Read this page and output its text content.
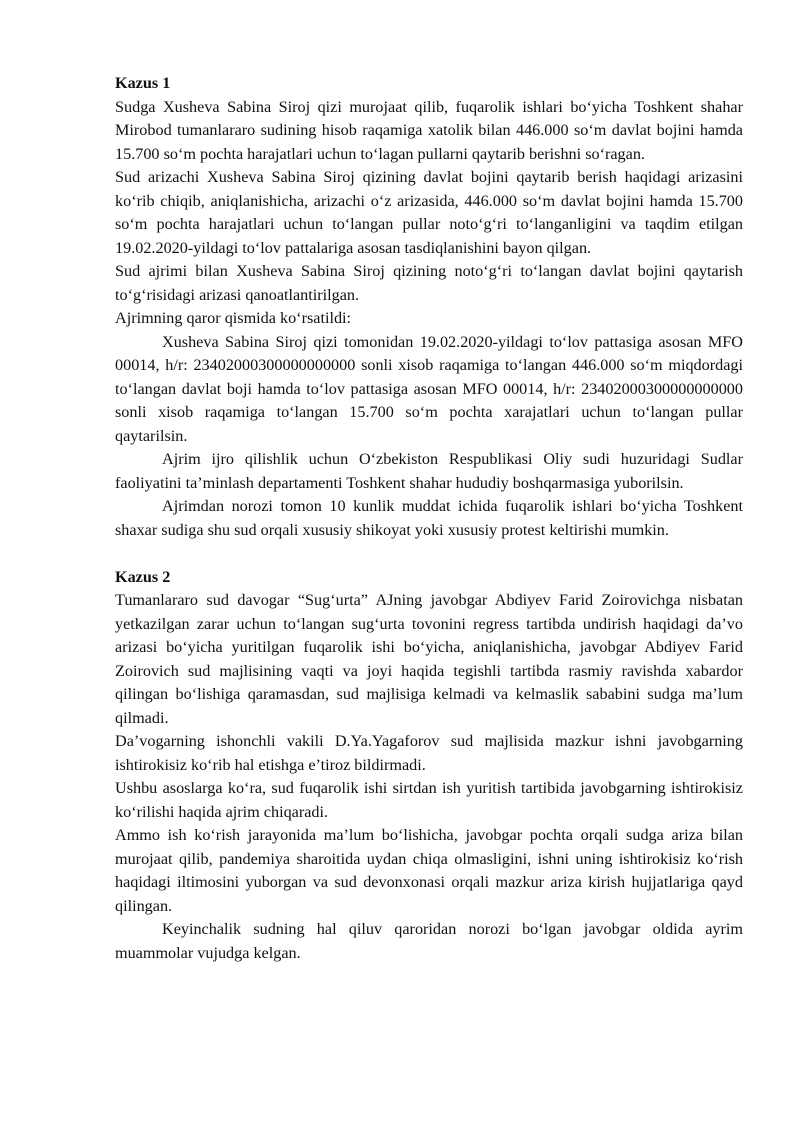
Kazus 1

Sudga Xusheva Sabina Siroj qizi murojaat qilib, fuqarolik ishlari bo‘yicha Toshkent shahar Mirobod tumanlararo sudining hisob raqamiga xatolik bilan 446.000 so‘m davlat bojini hamda 15.700 so‘m pochta harajatlari uchun to‘lagan pullarni qaytarib berishni so‘ragan.

Sud arizachi Xusheva Sabina Siroj qizining davlat bojini qaytarib berish haqidagi arizasini ko‘rib chiqib, aniqlanishicha, arizachi o‘z arizasida, 446.000 so‘m davlat bojini hamda 15.700 so‘m pochta harajatlari uchun to‘langan pullar noto‘g‘ri to‘langanligini va taqdim etilgan 19.02.2020-yildagi to‘lov pattalariga asosan tasdiqlanishini bayon qilgan.

Sud ajrimi bilan Xusheva Sabina Siroj qizining noto‘g‘ri to‘langan davlat bojini qaytarish to‘g‘risidagi arizasi qanoatlantirilgan.

Ajrimning qaror qismida ko‘rsatildi:

Xusheva Sabina Siroj qizi tomonidan 19.02.2020-yildagi to‘lov pattasiga asosan MFO 00014, h/r: 23402000300000000000 sonli xisob raqamiga to‘langan 446.000 so‘m miqdordagi to‘langan davlat boji hamda to‘lov pattasiga asosan MFO 00014, h/r: 23402000300000000000 sonli xisob raqamiga to‘langan 15.700 so‘m pochta xarajatlari uchun to‘langan pullar qaytarilsin.

Ajrim ijro qilishlik uchun O‘zbekiston Respublikasi Oliy sudi huzuridagi Sudlar faoliyatini ta’minlash departamenti Toshkent shahar hududiy boshqarmasiga yuborilsin.

Ajrimdan norozi tomon 10 kunlik muddat ichida fuqarolik ishlari bo‘yicha Toshkent shaxar sudiga shu sud orqali xususiy shikoyat yoki xususiy protest keltirishi mumkin.

Kazus 2

Tumanlararo sud davogar “Sug‘urta” AJning javobgar Abdiyev Farid Zoirovichga nisbatan yetkazilgan zarar uchun to‘langan sug‘urta tovonini regress tartibda undirish haqidagi da’vo arizasi bo‘yicha yuritilgan fuqarolik ishi bo‘yicha, aniqlanishicha, javobgar Abdiyev Farid Zoirovich sud majlisining vaqti va joyi haqida tegishli tartibda rasmiy ravishda xabardor qilingan bo‘lishiga qaramasdan, sud majlisiga kelmadi va kelmaslik sababini sudga ma’lum qilmadi.

Da’vogarning ishonchli vakili D.Ya.Yagaforov sud majlisida mazkur ishni javobgarning ishtirokisiz ko‘rib hal etishga e’tiroz bildirmadi.

Ushbu asoslarga ko‘ra, sud fuqarolik ishi sirtdan ish yuritish tartibida javobgarning ishtirokisiz ko‘rilishi haqida ajrim chiqaradi.

Ammo ish ko‘rish jarayonida ma’lum bo‘lishicha, javobgar pochta orqali sudga ariza bilan murojaat qilib, pandemiya sharoitida uydan chiqa olmasligini, ishni uning ishtirokisiz ko‘rish haqidagi iltimosini yuborgan va sud devonxonasi orqali mazkur ariza kirish hujjatlariga qayd qilingan.

Keyinchalik sudning hal qiluv qaroridan norozi bo‘lgan javobgar oldida ayrim muammolar vujudga kelgan.
